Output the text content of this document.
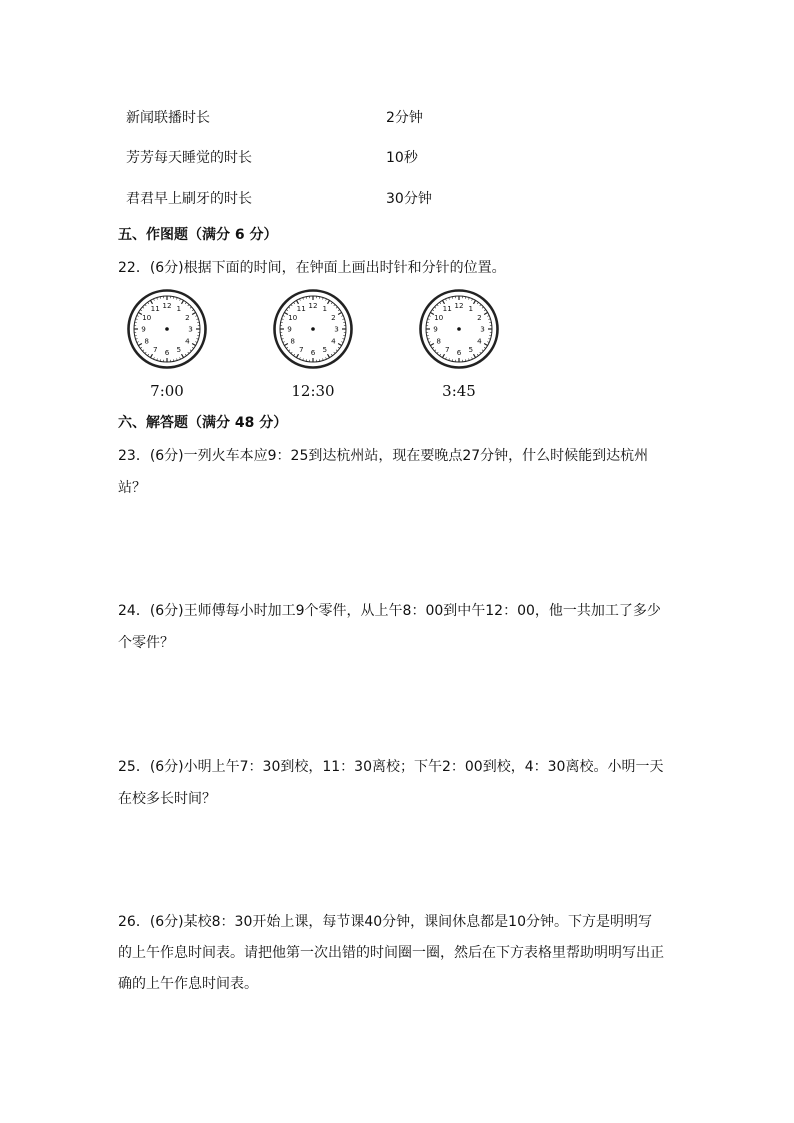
新闻联播时长	2分钟
芳芳每天睡觉的时长	10秒
君君早上刷牙的时长	30分钟
五、作图题（满分 6 分）
22．(6分)根据下面的时间，在钟面上画出时针和分针的位置。
12 1
2
3
4
5
6
7
8
9
10
11
7:00
12 1
2
3
4
5
6
7
8
9
10
11
12:30
12 1
2
3
4
5
6
7
8
9
10
11
3:45
六、解答题（满分 48 分）
23．(6分)一列火车本应9：25到达杭州站，现在要晚点27分钟，什么时候能到达杭州
站？
24．(6分)王师傅每小时加工9个零件，从上午8：00到中午12：00，他一共加工了多少
个零件？
25．(6分)小明上午7：30到校，11：30离校；下午2：00到校，4：30离校。小明一天
在校多长时间？
26．(6分)某校8：30开始上课，每节课40分钟，课间休息都是10分钟。下方是明明写
的上午作息时间表。请把他第一次出错的时间圈一圈，然后在下方表格里帮助明明写出正
确的上午作息时间表。
